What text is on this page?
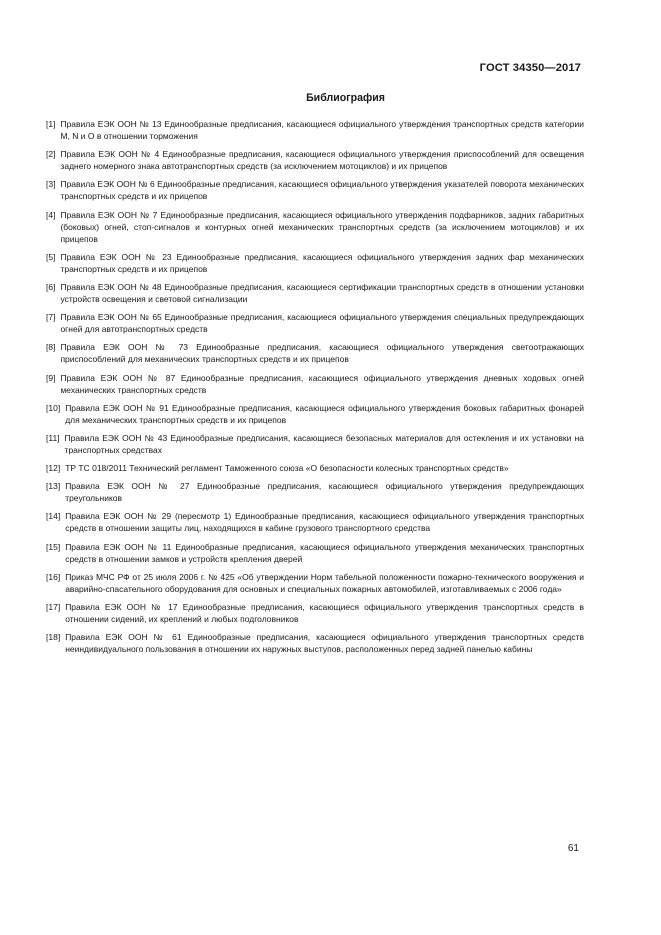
ГОСТ 34350—2017
Библиография
[1] Правила ЕЭК ООН № 13 Единообразные предписания, касающиеся официального утверждения транспортных средств категории M, N и O в отношении торможения
[2] Правила ЕЭК ООН № 4 Единообразные предписания, касающиеся официального утверждения приспособлений для освещения заднего номерного знака автотранспортных средств (за исключением мотоциклов) и их прицепов
[3] Правила ЕЭК ООН № 6 Единообразные предписания, касающиеся официального утверждения указателей поворота механических транспортных средств и их прицепов
[4] Правила ЕЭК ООН № 7 Единообразные предписания, касающиеся официального утверждения подфарников, задних габаритных (боковых) огней, стоп-сигналов и контурных огней механических транспортных средств (за исключением мотоциклов) и их прицепов
[5] Правила ЕЭК ООН № 23 Единообразные предписания, касающиеся официального утверждения задних фар механических транспортных средств и их прицепов
[6] Правила ЕЭК ООН № 48 Единообразные предписания, касающиеся сертификации транспортных средств в отношении установки устройств освещения и световой сигнализации
[7] Правила ЕЭК ООН № 65 Единообразные предписания, касающиеся официального утверждения специальных предупреждающих огней для автотранспортных средств
[8] Правила ЕЭК ООН № 73 Единообразные предписания, касающиеся официального утверждения светоотражающих приспособлений для механических транспортных средств и их прицепов
[9] Правила ЕЭК ООН № 87 Единообразные предписания, касающиеся официального утверждения дневных ходовых огней механических транспортных средств
[10] Правила ЕЭК ООН № 91 Единообразные предписания, касающиеся официального утверждения боковых габаритных фонарей для механических транспортных средств и их прицепов
[11] Правила ЕЭК ООН № 43 Единообразные предписания, касающиеся безопасных материалов для остекления и их установки на транспортных средствах
[12] ТР ТС 018/2011 Технический регламент Таможенного союза «О безопасности колесных транспортных средств»
[13] Правила ЕЭК ООН № 27 Единообразные предписания, касающиеся официального утверждения предупреждающих треугольников
[14] Правила ЕЭК ООН № 29 (пересмотр 1) Единообразные предписания, касающиеся официального утверждения транспортных средств в отношении защиты лиц, находящихся в кабине грузового транспортного средства
[15] Правила ЕЭК ООН № 11 Единообразные предписания, касающиеся официального утверждения механических транспортных средств в отношении замков и устройств крепления дверей
[16] Приказ МЧС РФ от 25 июля 2006 г. № 425 «Об утверждении Норм табельной положенности пожарно-технического вооружения и аварийно-спасательного оборудования для основных и специальных пожарных автомобилей, изготавливаемых с 2006 года»
[17] Правила ЕЭК ООН № 17 Единообразные предписания, касающиеся официального утверждения транспортных средств в отношении сидений, их креплений и любых подголовников
[18] Правила ЕЭК ООН № 61 Единообразные предписания, касающиеся официального утверждения транспортных средств неиндивидуального пользования в отношении их наружных выступов, расположенных перед задней панелью кабины
61
